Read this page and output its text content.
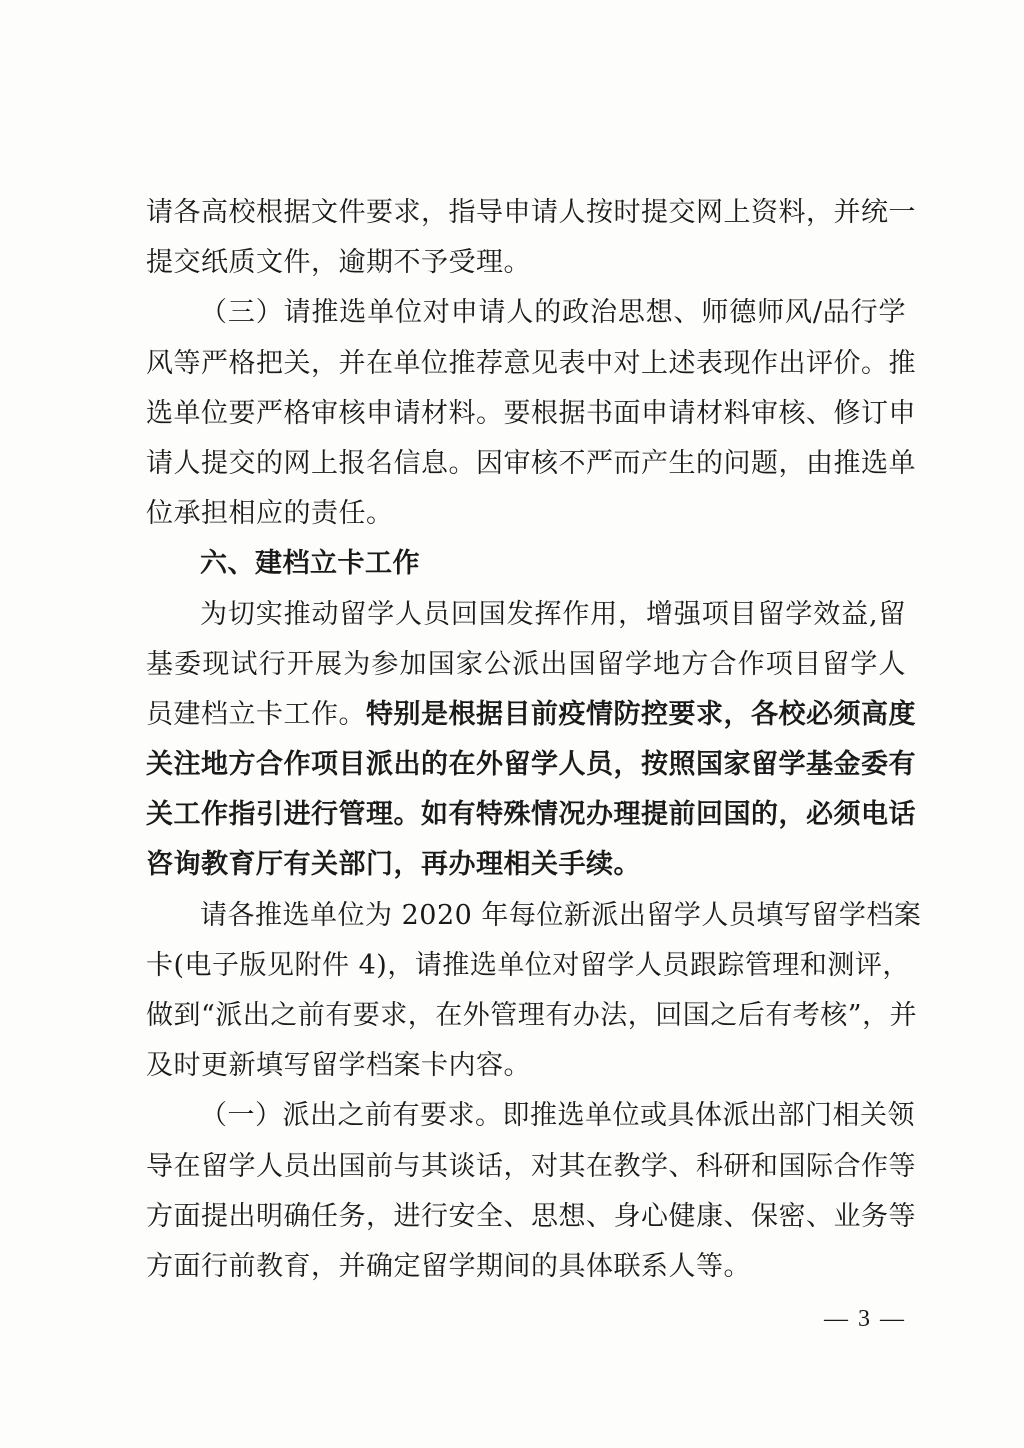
请各高校根据文件要求，指导申请人按时提交网上资料，并统一
提交纸质文件，逾期不予受理。
（三）请推选单位对申请人的政治思想、师德师风/品行学
风等严格把关，并在单位推荐意见表中对上述表现作出评价。推
选单位要严格审核申请材料。要根据书面申请材料审核、修订申
请人提交的网上报名信息。因审核不严而产生的问题，由推选单
位承担相应的责任。
六、建档立卡工作
为切实推动留学人员回国发挥作用，增强项目留学效益,留
基委现试行开展为参加国家公派出国留学地方合作项目留学人
员建档立卡工作。特别是根据目前疫情防控要求，各校必须高度
关注地方合作项目派出的在外留学人员，按照国家留学基金委有
关工作指引进行管理。如有特殊情况办理提前回国的，必须电话
咨询教育厅有关部门，再办理相关手续。
请各推选单位为 2020 年每位新派出留学人员填写留学档案
卡(电子版见附件 4)，请推选单位对留学人员跟踪管理和测评，
做到“派出之前有要求，在外管理有办法，回国之后有考核”，并
及时更新填写留学档案卡内容。
（一）派出之前有要求。即推选单位或具体派出部门相关领
导在留学人员出国前与其谈话，对其在教学、科研和国际合作等
方面提出明确任务，进行安全、思想、身心健康、保密、业务等
方面行前教育，并确定留学期间的具体联系人等。
— 3 —
